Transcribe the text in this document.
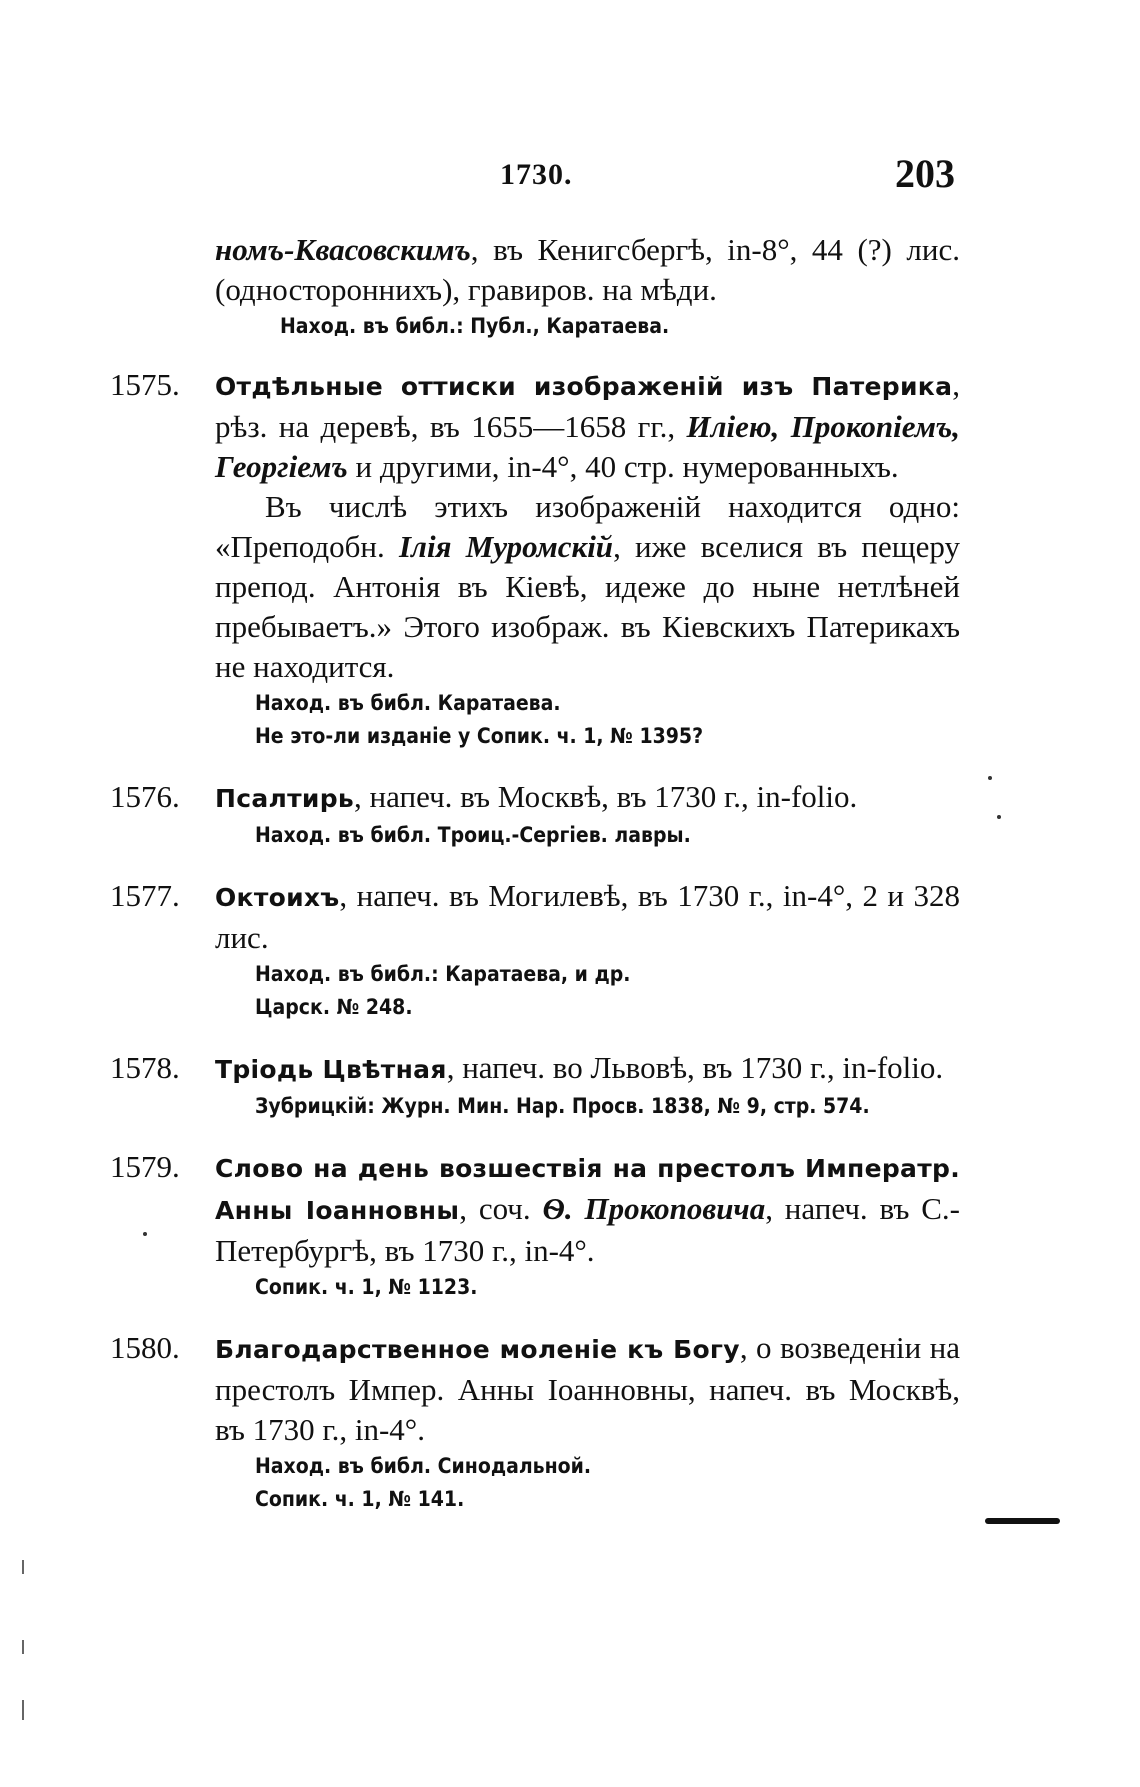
1730.	203
номъ-Квасовскимъ, въ Кенигсбергѣ, in-8°, 44 (?) лис. (одностороннихъ), гравиров. на мѣди.
Наход. въ библ.: Публ., Каратаева.
1575.	Отдѣльные оттиски изображеній изъ Патерика, рѣз. на деревѣ, въ 1655—1658 гг., Иліею, Прокопіемъ, Георгіемъ и другими, in-4°, 40 стр. нумерованныхъ.
Въ числѣ этихъ изображеній находится одно: «Преподобн. Ілія Муромскій, иже вселися въ пещеру препод. Антонія въ Кіевѣ, идеже до ныне нетлѣней пребываетъ.» Этого изображ. въ Кіевскихъ Патерикахъ не находится.
Наход. въ библ. Каратаева.
Не это-ли изданіе у Сопик. ч. 1, № 1395?
1576.	Псалтирь, напеч. въ Москвѣ, въ 1730 г., in-folio.
Наход. въ библ. Троиц.-Сергіев. лавры.
1577.	Октоихъ, напеч. въ Могилевѣ, въ 1730 г., in-4°, 2 и 328 лис.
Наход. въ библ.: Каратаева, и др.
Царск. № 248.
1578.	Тріодь Цвѣтная, напеч. во Львовѣ, въ 1730 г., in-folio.
Зубрицкій: Журн. Мин. Нар. Просв. 1838, № 9, стр. 574.
1579.	Слово на день возшествія на престолъ Императр. Анны Іоанновны, соч. Ѳ. Прокоповича, напеч. въ С.-Петербургѣ, въ 1730 г., in-4°.
Сопик. ч. 1, № 1123.
1580.	Благодарственное моленіе къ Богу, о возведеніи на престолъ Импер. Анны Іоанновны, напеч. въ Москвѣ, въ 1730 г., in-4°.
Наход. въ библ. Синодальной.
Сопик. ч. 1, № 141.
